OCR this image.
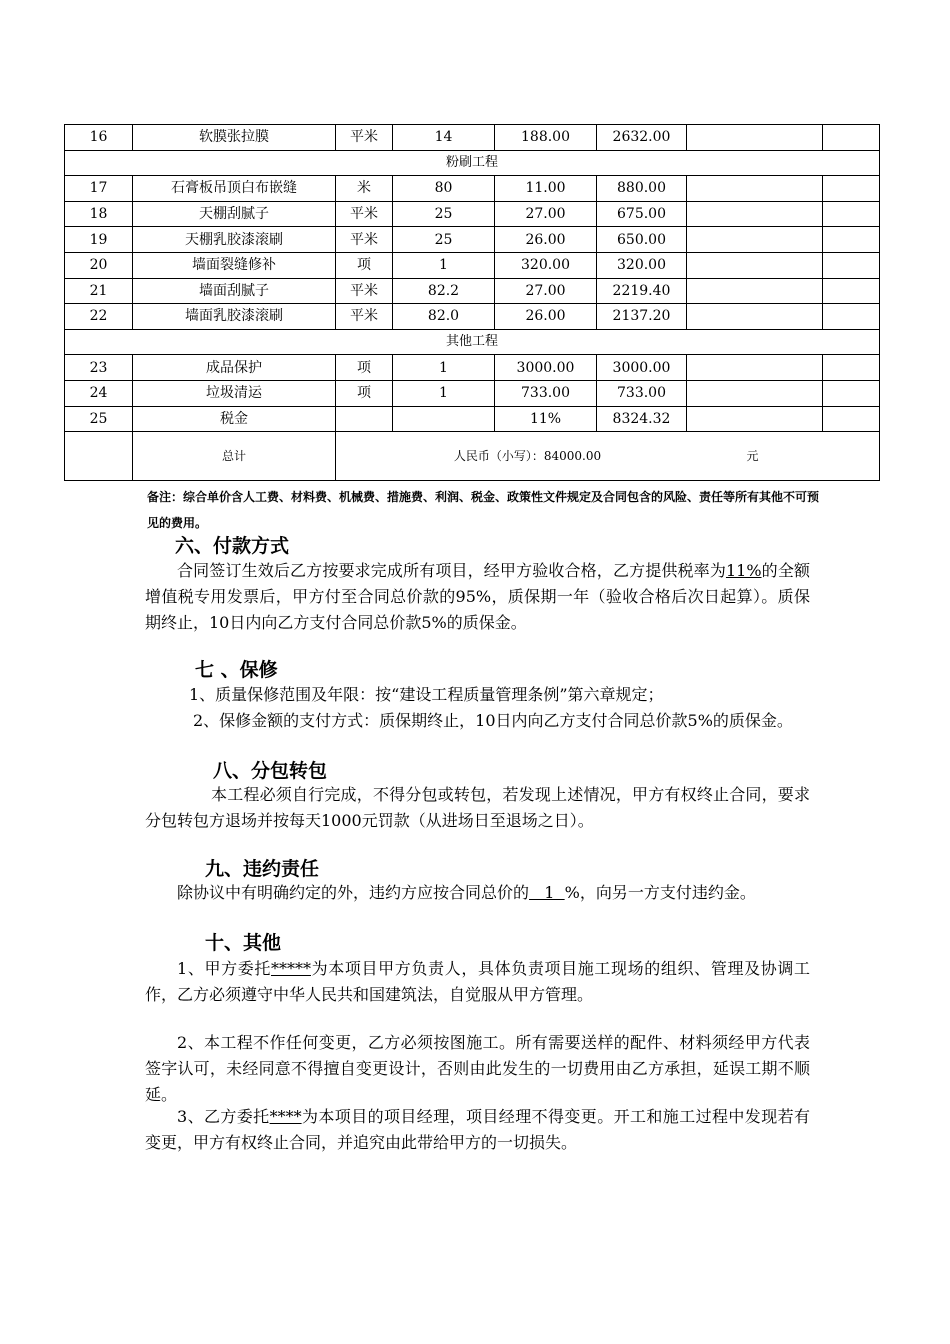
16	软膜张拉膜	平米	14	188.00	2632.00		
粉刷工程							
17	石膏板吊顶白布嵌缝	米	80	11.00	880.00		
18	天棚刮腻子	平米	25	27.00	675.00		
19	天棚乳胶漆滚刷	平米	25	26.00	650.00		
20	墙面裂缝修补	项	1	320.00	320.00		
21	墙面刮腻子	平米	82.2	27.00	2219.40		
22	墙面乳胶漆滚刷	平米	82.0	26.00	2137.20		
其他工程							
23	成品保护	项	1	3000.00	3000.00		
24	垃圾清运	项	1	733.00	733.00		
25	税金			11%	8324.32		
	总计	人民币（小写）：84000.00 元					
备注：综合单价含人工费、材料费、机械费、措施费、利润、税金、政策性文件规定及合同包含的风险、责任等所有其他不可预见的费用。
六、付款方式
合同签订生效后乙方按要求完成所有项目，经甲方验收合格，乙方提供税率为11%的全额增值税专用发票后，甲方付至合同总价款的95%，质保期一年（验收合格后次日起算）。质保期终止，10日内向乙方支付合同总价款5%的质保金。
七 、保修
1、质量保修范围及年限：按“建设工程质量管理条例”第六章规定；
2、保修金额的支付方式：质保期终止，10日内向乙方支付合同总价款5%的质保金。
八、分包转包
本工程必须自行完成，不得分包或转包，若发现上述情况，甲方有权终止合同，要求分包转包方退场并按每天1000元罚款（从进场日至退场之日）。
九、违约责任
除协议中有明确约定的外，违约方应按合同总价的   1  %，向另一方支付违约金。
十、其他
1、甲方委托*****为本项目甲方负责人，具体负责项目施工现场的组织、管理及协调工作，乙方必须遵守中华人民共和国建筑法，自觉服从甲方管理。
2、本工程不作任何变更，乙方必须按图施工。所有需要送样的配件、材料须经甲方代表签字认可，未经同意不得擅自变更设计，否则由此发生的一切费用由乙方承担，延误工期不顺延。
3、乙方委托****为本项目的项目经理，项目经理不得变更。开工和施工过程中发现若有变更，甲方有权终止合同，并追究由此带给甲方的一切损失。
